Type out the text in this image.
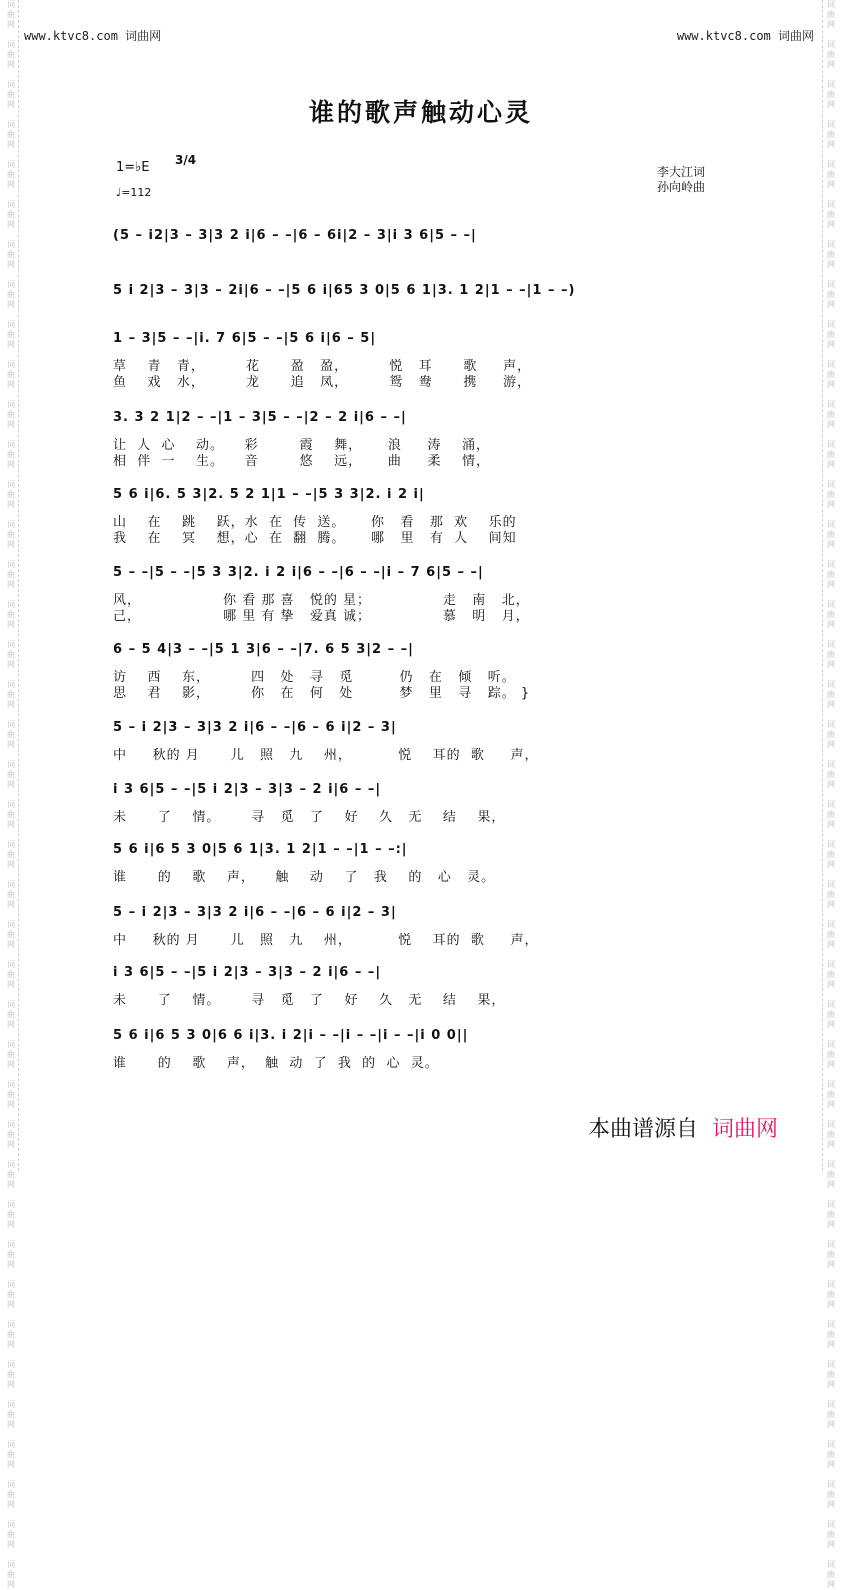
词
曲
网

词
曲
网

词
曲
网

词
曲
网

词
曲
网

词
曲
网

词
曲
网

词
曲
网

词
曲
网

词
曲
网

词
曲
网

词
曲
网

词
曲
网

词
曲
网

词
曲
网

词
曲
网

词
曲
网

词
曲
网

词
曲
网

词
曲
网

词
曲
网

词
曲
网

词
曲
网

词
曲
网

词
曲
网

词
曲
网

词
曲
网

词
曲
网

词
曲
网

词
曲
网

词
曲
网

词
曲
网

词
曲
网

词
曲
网

词
曲
网

词
曲
网

词
曲
网

词
曲
网

词
曲
网

词
曲
网

词
曲
网

词
曲
网

词
曲
网

词
曲
网

词
曲
网

词
曲
网

词
曲
网

词
曲
网

词
曲
网

词
曲
网

词
曲
网

词
曲
网

词
曲
网

词
曲
网

词
曲
网

词
曲
网

词
曲
网

词
曲
网

词
曲
网

词
曲
网

词
曲
网

词
曲
网

词
曲
网

词
曲
网

词
曲
网

词
曲
网

词
曲
网

词
曲
网

词
曲
网

词
曲
网

词
曲
网

词
曲
网

词
曲
网

词
曲
网

词
曲
网

词
曲
网

词
曲
网

词
曲
网

词
曲
网

词
曲
网

www.ktvc8.com 词曲网	www.ktvc8.com 词曲网
谁的歌声触动心灵
1=♭E 3/4
♩=112
李大江词
孙向岭曲
(5 – i2|3 – 3|3 2 i|6 – –|6 – 6i|2 – 3|i 3 6|5 – –|
5 i 2|3 – 3|3 – 2i|6 – –|5 6 i|65 3 0|5 6 1|3. 1 2|1 – –|1 – –)
1 – 3|5 – –|i. 7 6|5 – –|5 6 i|6 – 5|
草    青   青，        花      盈   盈，        悦   耳      歌     声，
鱼    戏   水，        龙      追   凤，        鸳   鸯      携     游，
3. 3 2 1|2 – –|1 – 3|5 – –|2 – 2 i|6 – –|
让  人  心    动。    彩        霞    舞，     浪     涛    涌，
相  伴  一    生。    音        悠    远，     曲     柔    情，
5 6 i|6. 5 3|2. 5 2 1|1 – –|5 3 3|2. i 2 i|
山    在    跳    跃，水  在  传  送。     你   看   那  欢    乐的
我    在    冥    想，心  在  翻  腾。     哪   里   有  人    间知
5 – –|5 – –|5 3 3|2. i 2 i|6 – –|6 – –|i – 7 6|5 – –|
风，                你 看 那 喜   悦的 星；              走   南   北，
己，                哪 里 有 挚   爱真 诚；              慕   明   月，
6 – 5 4|3 – –|5 1 3|6 – –|7. 6 5 3|2 – –|
访    西    东，        四   处   寻   觅         仍   在   倾   听。
思    君    影，        你   在   何   处         梦   里   寻   踪。 }
5 – i 2|3 – 3|3 2 i|6 – –|6 – 6 i|2 – 3|
中     秋的 月      儿   照   九    州，         悦    耳的  歌     声，
i 3 6|5 – –|5 i 2|3 – 3|3 – 2 i|6 – –|
未      了    情。      寻   觅   了    好    久   无    结    果，
5 6 i|6 5 3 0|5 6 1|3. 1 2|1 – –|1 – –:|
谁      的    歌    声，    触    动    了   我    的   心   灵。
5 – i 2|3 – 3|3 2 i|6 – –|6 – 6 i|2 – 3|
中     秋的 月      儿   照   九    州，         悦    耳的  歌     声，
i 3 6|5 – –|5 i 2|3 – 3|3 – 2 i|6 – –|
未      了    情。      寻   觅   了    好    久   无    结    果，
5 6 i|6 5 3 0|6 6 i|3. i 2|i – –|i – –|i – –|i 0 0||
谁      的    歌    声，  触  动  了  我  的  心  灵。
本曲谱源自 词曲网
